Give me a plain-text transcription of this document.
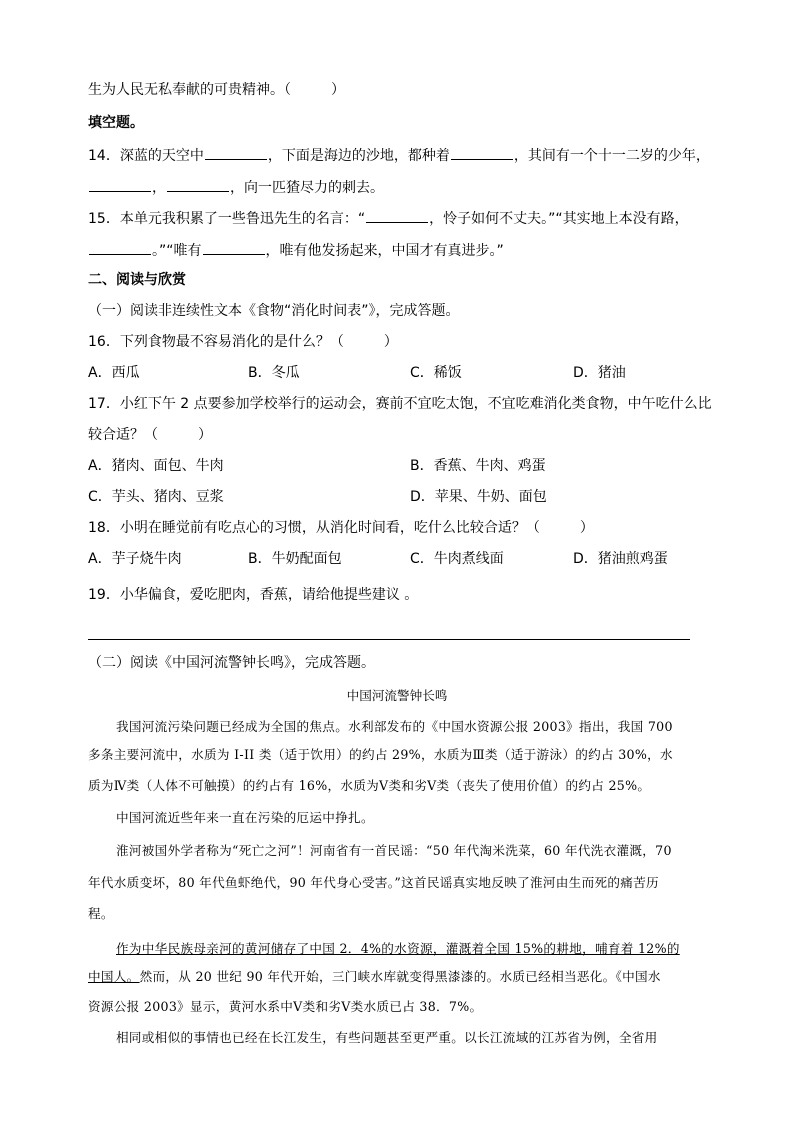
生为人民无私奉献的可贵精神。（	）
填空题。
14．深蓝的天空中	，下面是海边的沙地，都种着	，其间有一个十一二岁的少年，
，	，向一匹猹尽力的刺去。
15．本单元我积累了一些鲁迅先生的名言：“	，怜子如何不丈夫。”“其实地上本没有路，
。”“唯有	，唯有他发扬起来，中国才有真进步。”
二、阅读与欣赏
（一）阅读非连续性文本《食物“消化时间表”》，完成答题。
16．下列食物最不容易消化的是什么？（	）
A．西瓜	B．冬瓜	C．稀饭	D．猪油
17．小红下午 2 点要参加学校举行的运动会，赛前不宜吃太饱，不宜吃难消化类食物，中午吃什么比
较合适？（	）
A．猪肉、面包、牛肉	B．香蕉、牛肉、鸡蛋
C．芋头、猪肉、豆浆	D．苹果、牛奶、面包
18．小明在睡觉前有吃点心的习惯，从消化时间看，吃什么比较合适？（	）
A．芋子烧牛肉	B．牛奶配面包	C．牛肉煮线面	D．猪油煎鸡蛋
19．小华偏食，爱吃肥肉，香蕉，请给他提些建议 。
（二）阅读《中国河流警钟长鸣》，完成答题。
中国河流警钟长鸣
我国河流污染问题已经成为全国的焦点。水利部发布的《中国水资源公报 2003》指出，我国 700
多条主要河流中，水质为 I-II 类（适于饮用）的约占 29%，水质为Ⅲ类（适于游泳）的约占 30%，水
质为Ⅳ类（人体不可触摸）的约占有 16%，水质为Ⅴ类和劣Ⅴ类（丧失了使用价值）的约占 25%。
中国河流近些年来一直在污染的厄运中挣扎。
淮河被国外学者称为“死亡之河”！河南省有一首民谣：“50 年代淘米洗菜，60 年代洗衣灌溉，70
年代水质变坏，80 年代鱼虾绝代，90 年代身心受害。”这首民谣真实地反映了淮河由生而死的痛苦历
程。
作为中华民族母亲河的黄河储存了中国 2．4%的水资源，灌溉着全国 15%的耕地，哺育着 12%的
中国人。然而，从 20 世纪 90 年代开始，三门峡水库就变得黑漆漆的。水质已经相当恶化。《中国水
资源公报 2003》显示，黄河水系中Ⅴ类和劣Ⅴ类水质已占 38．7%。
相同或相似的事情也已经在长江发生，有些问题甚至更严重。以长江流域的江苏省为例，全省用
